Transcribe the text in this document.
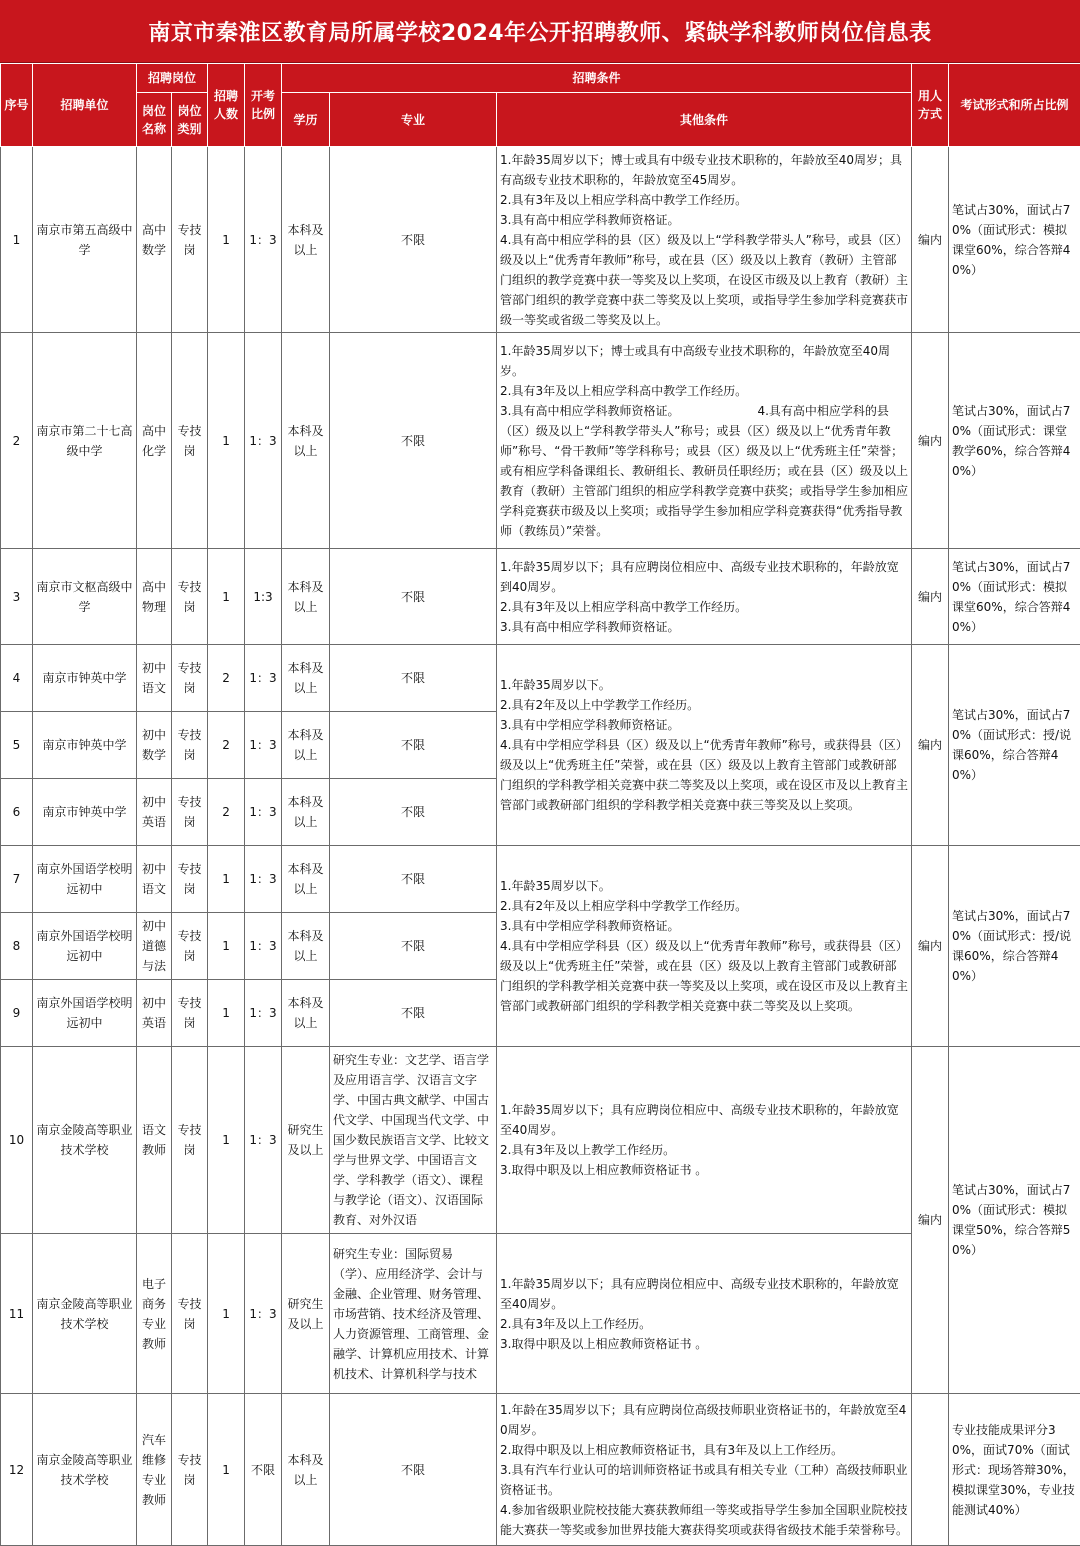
南京市秦淮区教育局所属学校2024年公开招聘教师、紧缺学科教师岗位信息表
序号	招聘单位	招聘岗位		招聘人数	开考比例	招聘条件			用人方式	考试形式和所占比例
		岗位名称	岗位类别			学历	专业	其他条件		
1	南京市第五高级中学	高中数学	专技岗	1	1：3	本科及以上	不限	1.年龄35周岁以下；博士或具有中级专业技术职称的，年龄放至40周岁；具有高级专业技术职称的，年龄放宽至45周岁。
2.具有3年及以上相应学科高中教学工作经历。
3.具有高中相应学科教师资格证。
4.具有高中相应学科的县（区）级及以上“学科教学带头人”称号，或县（区）级及以上“优秀青年教师”称号，或在县（区）级及以上教育（教研）主管部门组织的教学竞赛中获一等奖及以上奖项，在设区市级及以上教育（教研）主管部门组织的教学竞赛中获二等奖及以上奖项，或指导学生参加学科竞赛获市级一等奖或省级二等奖及以上。	编内	笔试占30%，面试占70%（面试形式：模拟课堂60%，综合答辩40%）
2	南京市第二十七高级中学	高中化学	专技岗	1	1：3	本科及以上	不限	1.年龄35周岁以下；博士或具有中高级专业技术职称的，年龄放宽至40周岁。
2.具有3年及以上相应学科高中教学工作经历。
3.具有高中相应学科教师资格证。　　　　　　　4.具有高中相应学科的县（区）级及以上“学科教学带头人”称号；或县（区）级及以上“优秀青年教师”称号、“骨干教师”等学科称号；或县（区）级及以上“优秀班主任”荣誉；或有相应学科备课组长、教研组长、教研员任职经历；或在县（区）级及以上教育（教研）主管部门组织的相应学科教学竞赛中获奖；或指导学生参加相应学科竞赛获市级及以上奖项；或指导学生参加相应学科竞赛获得“优秀指导教师（教练员）”荣誉。	编内	笔试占30%，面试占70%（面试形式：课堂教学60%，综合答辩40%）
3	南京市文枢高级中学	高中物理	专技岗	1	1:3	本科及以上	不限	1.年龄35周岁以下；具有应聘岗位相应中、高级专业技术职称的，年龄放宽到40周岁。
2.具有3年及以上相应学科高中教学工作经历。
3.具有高中相应学科教师资格证。	编内	笔试占30%，面试占70%（面试形式：模拟课堂60%，综合答辩40%）
4	南京市钟英中学	初中语文	专技岗	2	1：3	本科及以上	不限	1.年龄35周岁以下。
2.具有2年及以上中学教学工作经历。
3.具有中学相应学科教师资格证。
4.具有中学相应学科县（区）级及以上“优秀青年教师”称号，或获得县（区）级及以上“优秀班主任”荣誉，或在县（区）级及以上教育主管部门或教研部门组织的学科教学相关竞赛中获二等奖及以上奖项，或在设区市及以上教育主管部门或教研部门组织的学科教学相关竞赛中获三等奖及以上奖项。	编内	笔试占30%，面试占70%（面试形式：授/说课60%，综合答辩40%）
5	南京市钟英中学	初中数学	专技岗	2	1：3	本科及以上	不限			
6	南京市钟英中学	初中英语	专技岗	2	1：3	本科及以上	不限			
7	南京外国语学校明远初中	初中语文	专技岗	1	1：3	本科及以上	不限	1.年龄35周岁以下。
2.具有2年及以上相应学科中学教学工作经历。
3.具有中学相应学科教师资格证。
4.具有中学相应学科县（区）级及以上“优秀青年教师”称号，或获得县（区）级及以上“优秀班主任”荣誉，或在县（区）级及以上教育主管部门或教研部门组织的学科教学相关竞赛中获一等奖及以上奖项，或在设区市及以上教育主管部门或教研部门组织的学科教学相关竞赛中获二等奖及以上奖项。	编内	笔试占30%，面试占70%（面试形式：授/说课60%，综合答辩40%）
8	南京外国语学校明远初中	初中道德与法	专技岗	1	1：3	本科及以上	不限			
9	南京外国语学校明远初中	初中英语	专技岗	1	1：3	本科及以上	不限			
10	南京金陵高等职业技术学校	语文教师	专技岗	1	1：3	研究生及以上	研究生专业：文艺学、语言学及应用语言学、汉语言文字学、中国古典文献学、中国古代文学、中国现当代文学、中国少数民族语言文学、比较文学与世界文学、中国语言文学、学科教学（语文）、课程与教学论（语文）、汉语国际教育、对外汉语	1.年龄35周岁以下；具有应聘岗位相应中、高级专业技术职称的，年龄放宽至40周岁。
2.具有3年及以上教学工作经历。
3.取得中职及以上相应教师资格证书 。	编内	笔试占30%，面试占70%（面试形式：模拟课堂50%，综合答辩50%）
11	南京金陵高等职业技术学校	电子商务专业教师	专技岗	1	1：3	研究生及以上	研究生专业：国际贸易（学）、应用经济学、会计与金融、企业管理、财务管理、市场营销、技术经济及管理、人力资源管理、工商管理、金融学、计算机应用技术、计算机技术、计算机科学与技术	1.年龄35周岁以下；具有应聘岗位相应中、高级专业技术职称的，年龄放宽至40周岁。
2.具有3年及以上工作经历。
3.取得中职及以上相应教师资格证书 。		

12	南京金陵高等职业技术学校	汽车维修专业教师	专技岗	1	不限	本科及以上	不限	1.年龄在35周岁以下；具有应聘岗位高级技师职业资格证书的，年龄放宽至40周岁。
2.取得中职及以上相应教师资格证书，具有3年及以上工作经历。
3.具有汽车行业认可的培训师资格证书或具有相关专业（工种）高级技师职业资格证书。
4.参加省级职业院校技能大赛获教师组一等奖或指导学生参加全国职业院校技能大赛获一等奖或参加世界技能大赛获得奖项或获得省级技术能手荣誉称号。		专业技能成果评分30%，面试70%（面试形式：现场答辩30%，模拟课堂30%，专业技能测试40%）
